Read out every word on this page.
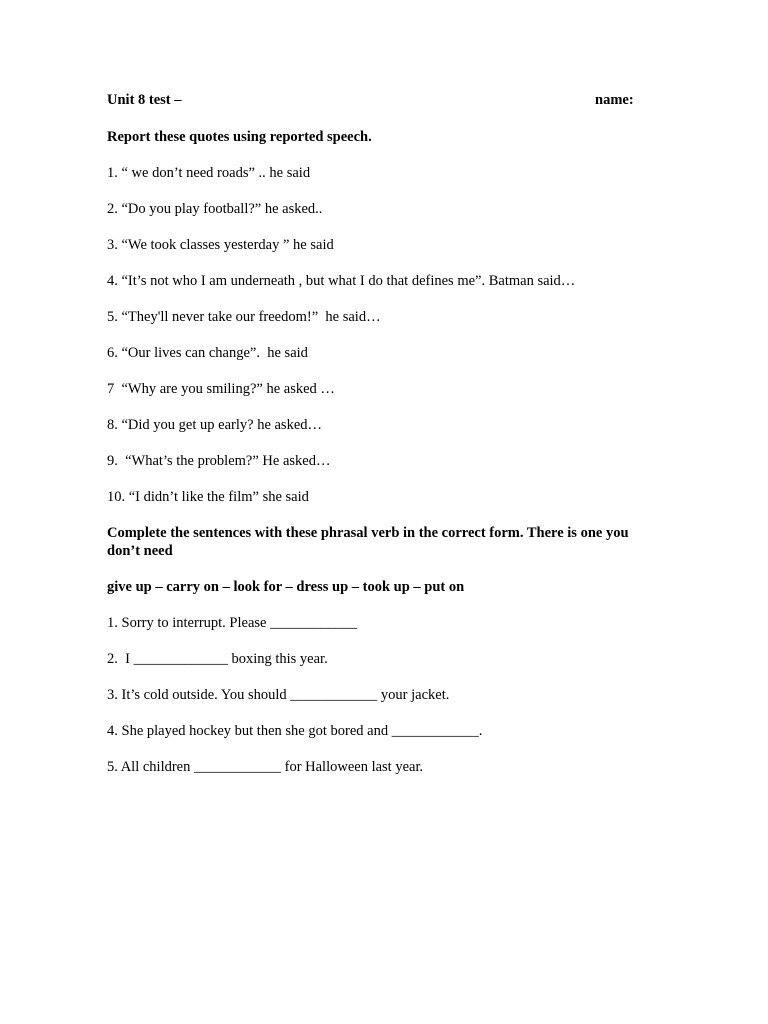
Unit 8 test –	name:

Report these quotes using reported speech.

1. “ we don’t need roads” .. he said

2. “Do you play football?” he asked..

3. “We took classes yesterday ” he said

4. “It’s not who I am underneath , but what I do that defines me”. Batman said…

5. “They'll never take our freedom!”  he said…

6. “Our lives can change”.  he said

7  “Why are you smiling?” he asked …

8. “Did you get up early? he asked…

9.  “What’s the problem?” He asked…

10. “I didn’t like the film” she said

Complete the sentences with these phrasal verb in the correct form. There is one you don’t need

give up – carry on – look for – dress up – took up – put on

1. Sorry to interrupt. Please ____________

2.  I _____________ boxing this year.

3. It’s cold outside. You should ____________ your jacket.

4. She played hockey but then she got bored and ____________.

5. All children ____________ for Halloween last year.
